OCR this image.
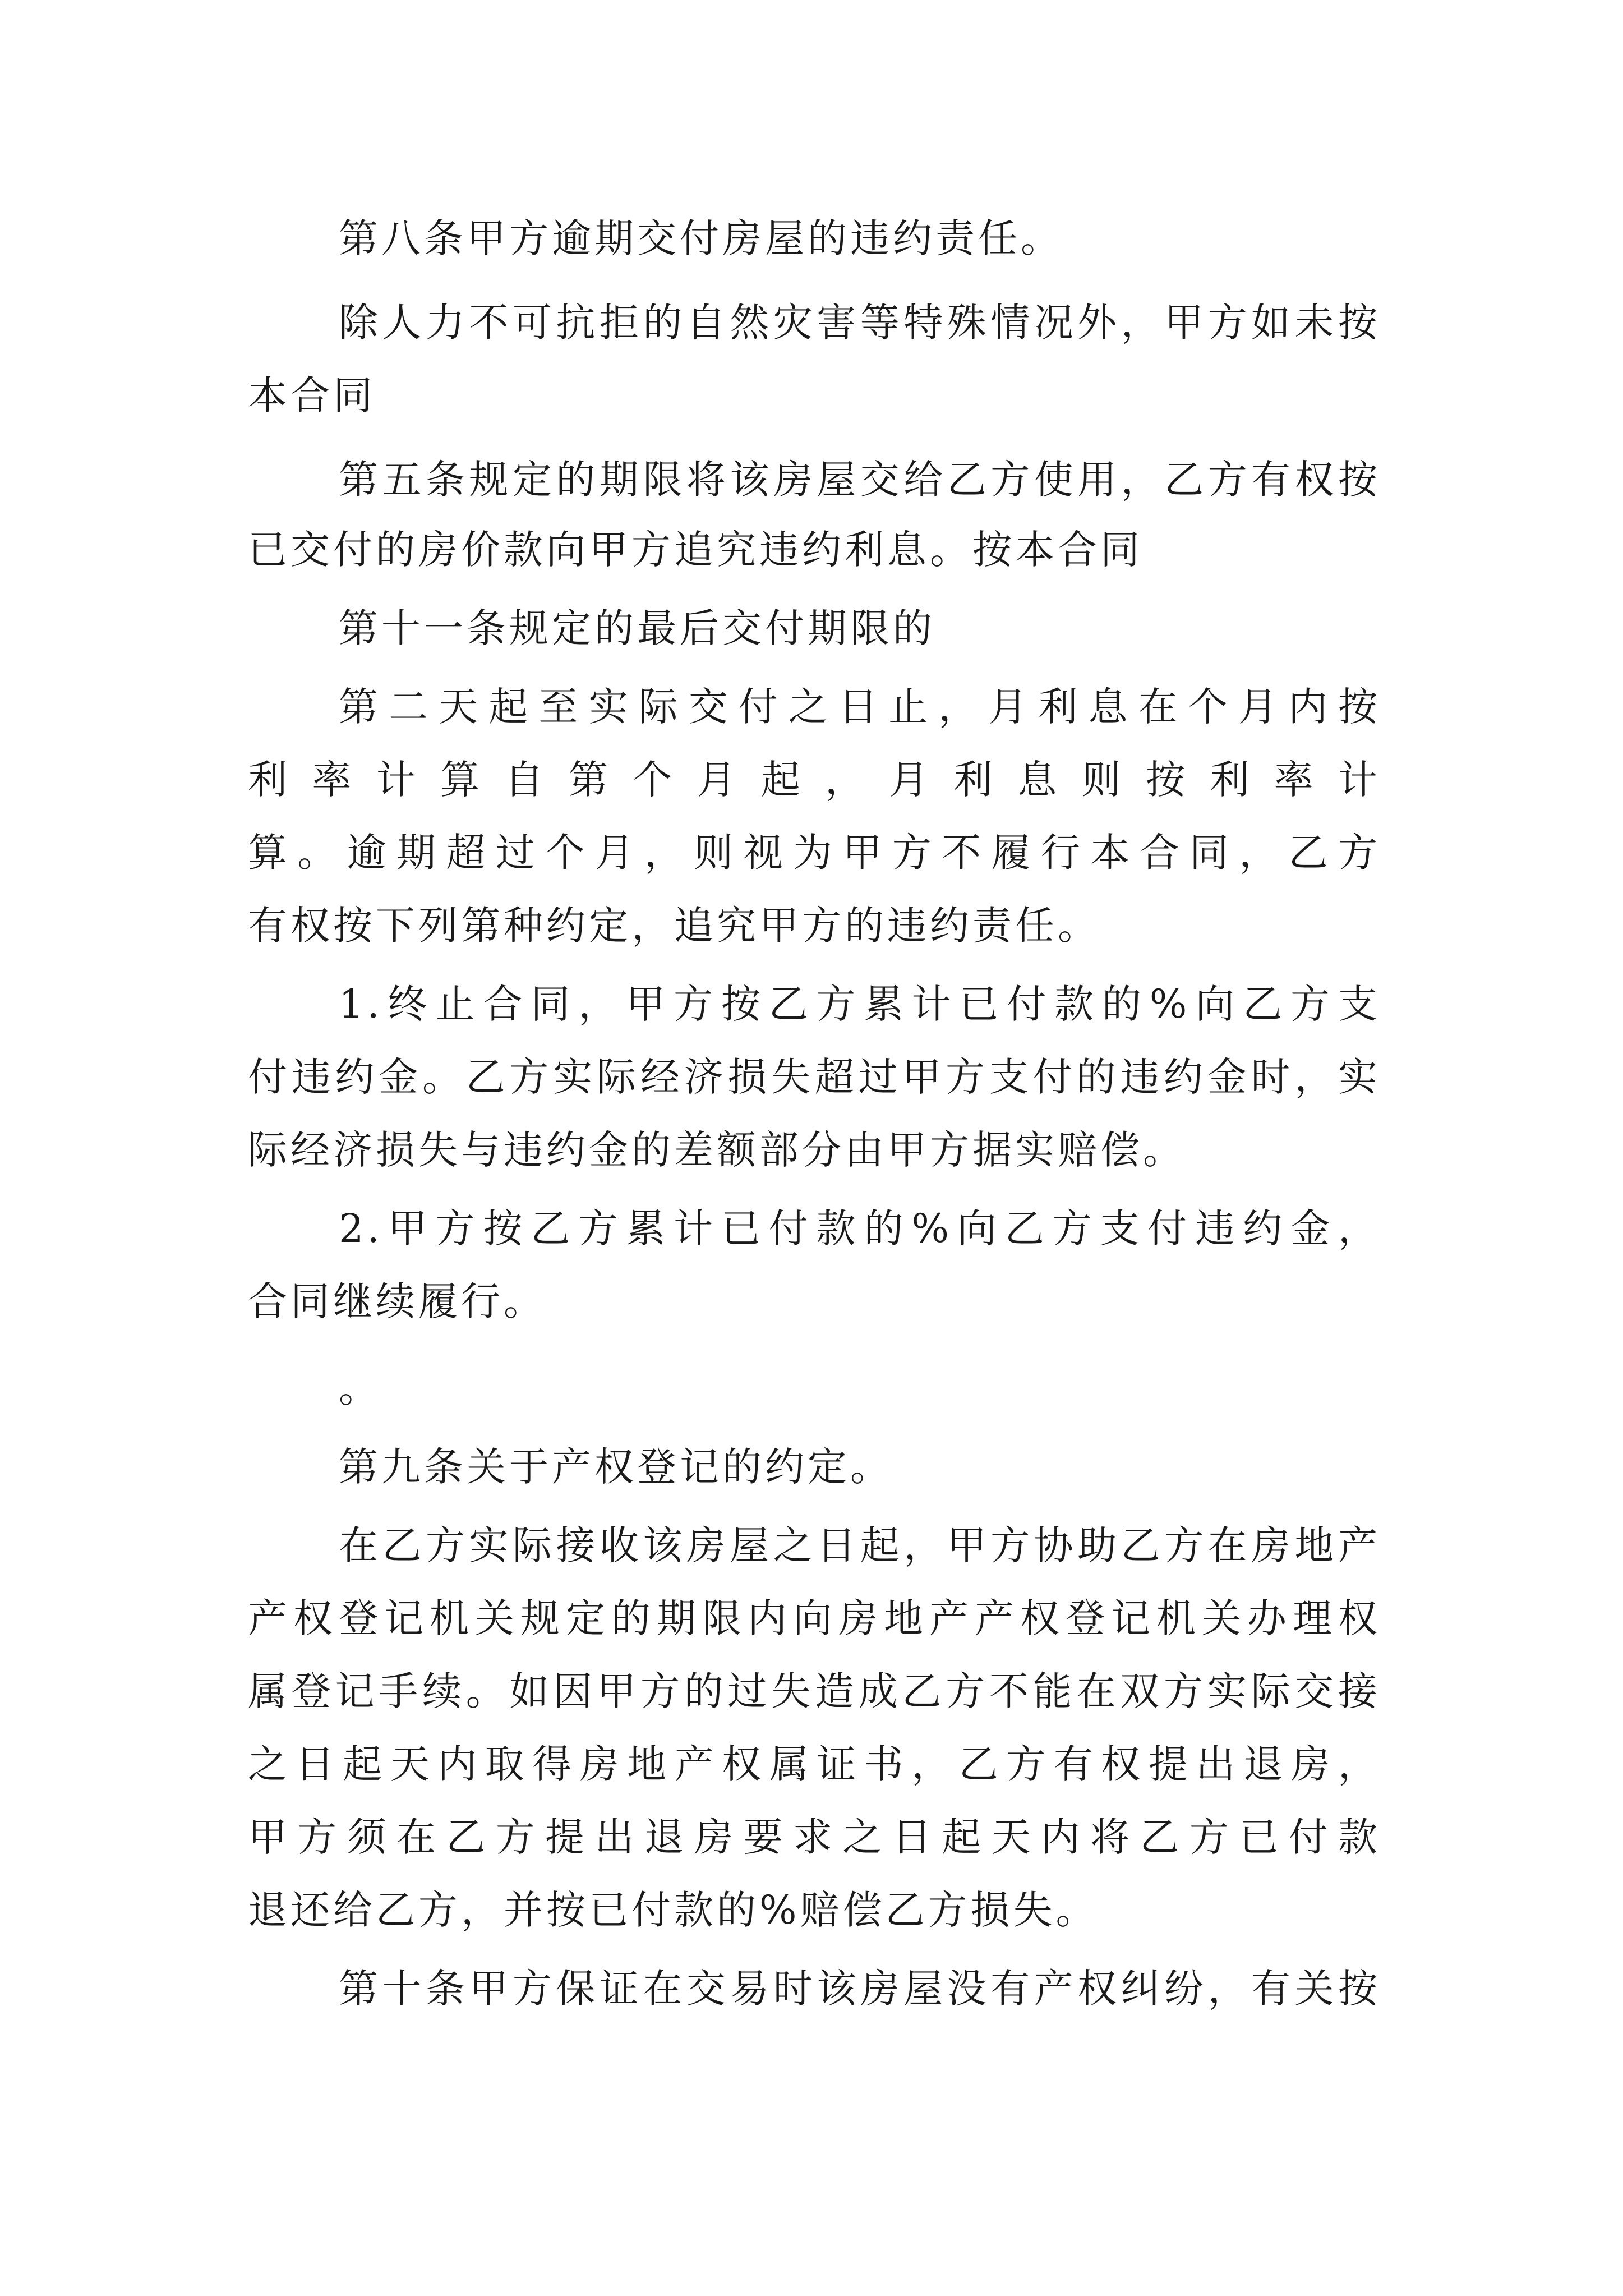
第八条甲方逾期交付房屋的违约责任。
除人力不可抗拒的自然灾害等特殊情况外，甲方如未按
本合同
第五条规定的期限将该房屋交给乙方使用，乙方有权按
已交付的房价款向甲方追究违约利息。按本合同
第十一条规定的最后交付期限的
第二天起至实际交付之日止，月利息在个月内按
利率计算自第个月起，月利息则按利率计
算。逾期超过个月，则视为甲方不履行本合同，乙方
有权按下列第种约定，追究甲方的违约责任。
1.终止合同，甲方按乙方累计已付款的%向乙方支
付违约金。乙方实际经济损失超过甲方支付的违约金时，实
际经济损失与违约金的差额部分由甲方据实赔偿。
2.甲方按乙方累计已付款的%向乙方支付违约金，
合同继续履行。
。
第九条关于产权登记的约定。
在乙方实际接收该房屋之日起，甲方协助乙方在房地产
产权登记机关规定的期限内向房地产产权登记机关办理权
属登记手续。如因甲方的过失造成乙方不能在双方实际交接
之日起天内取得房地产权属证书，乙方有权提出退房，
甲方须在乙方提出退房要求之日起天内将乙方已付款
退还给乙方，并按已付款的%赔偿乙方损失。
第十条甲方保证在交易时该房屋没有产权纠纷，有关按
